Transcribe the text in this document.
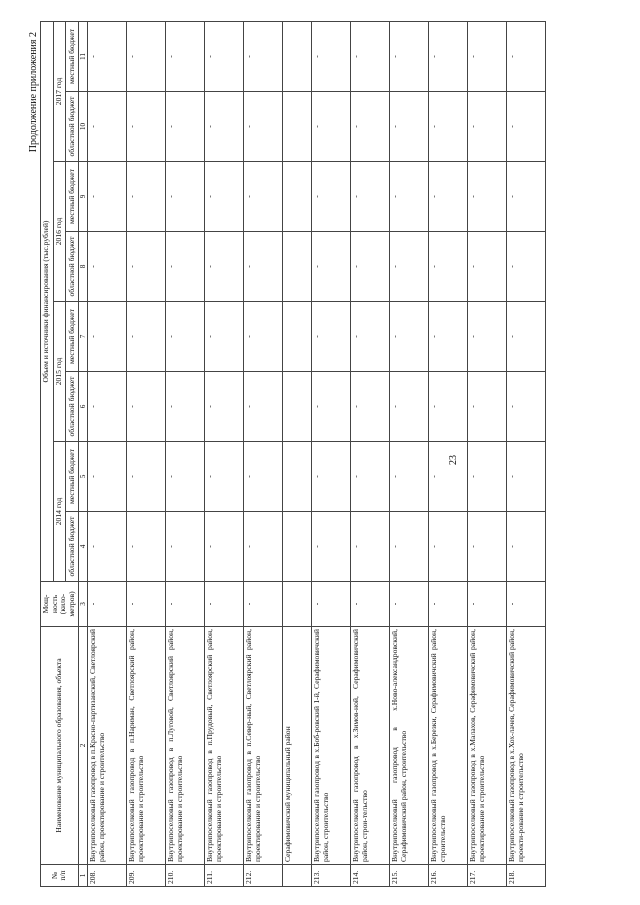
23
Продолжение приложения 2
№
п/п	Наименование муниципального образования, объекта	Мощ-
ность
(кило-
метров)	Объем и источники финансирования (тыс.рублей)							
			2014 год		2015 год		2016 год		2017 год	
			областной бюджет	местный бюджет	областной бюджет	местный бюджет	областной бюджет	местный бюджет	областной бюджет	местный бюджет
1	2	3	4	5	6	7	8	9	10	11
208.	Внутрипоселковый газопровод в п.Красно-партизанский, Светлоярский район, проектирование и строительство	-	-	-	-	-	-	-	-	-
209.	Внутрипоселковый газопровод в п.Нариман, Светлоярский район, проектирование и строительство	-	-	-	-	-	-	-	-	-
210.	Внутрипоселковый газопровод в п.Луговой, Светлоярский район, проектирование и строительство	-	-	-	-	-	-	-	-	-
211.	Внутрипоселковый газопровод в п.Прудовый, Светлоярский район, проектирование и строительство	-	-	-	-	-	-	-	-	-
212.	Внутрипоселковый газопровод в п.Север-ный, Светлоярский район, проектирование и строительство	-	-	-	-	-	-	-	-	-
	Серафимовичский муниципальный район									
213.	Внутрипоселковый газопровод в х.Боб-ровский 1-й, Серафимовичский район, строительство	-	-	-	-	-	-	-	-	-
214.	Внутрипоселковый газопровод в х.Зимов-ной, Серафимовичский район, строи-тельство	-	-	-	-	-	-	-	-	-
215.	Внутрипоселковый газопровод в х.Ново-александровский, Серафимовичский район, строительство	-	-	-	-	-	-	-	-	-
216.	Внутрипоселковый газопровод в х.Березки, Серафимовичский район, строительство	-	-	-	-	-	-	-	-	-
217.	Внутрипоселковый газопровод в х.Малахов, Серафимовичский район, проектирование и строительство	-	-	-	-	-	-	-	-	-
218.	Внутрипоселковый газопровод в х.Хох-лачев, Серафимовичский район, проекти-рование и строительство	-	-	-	-	-	-	-	-	-
